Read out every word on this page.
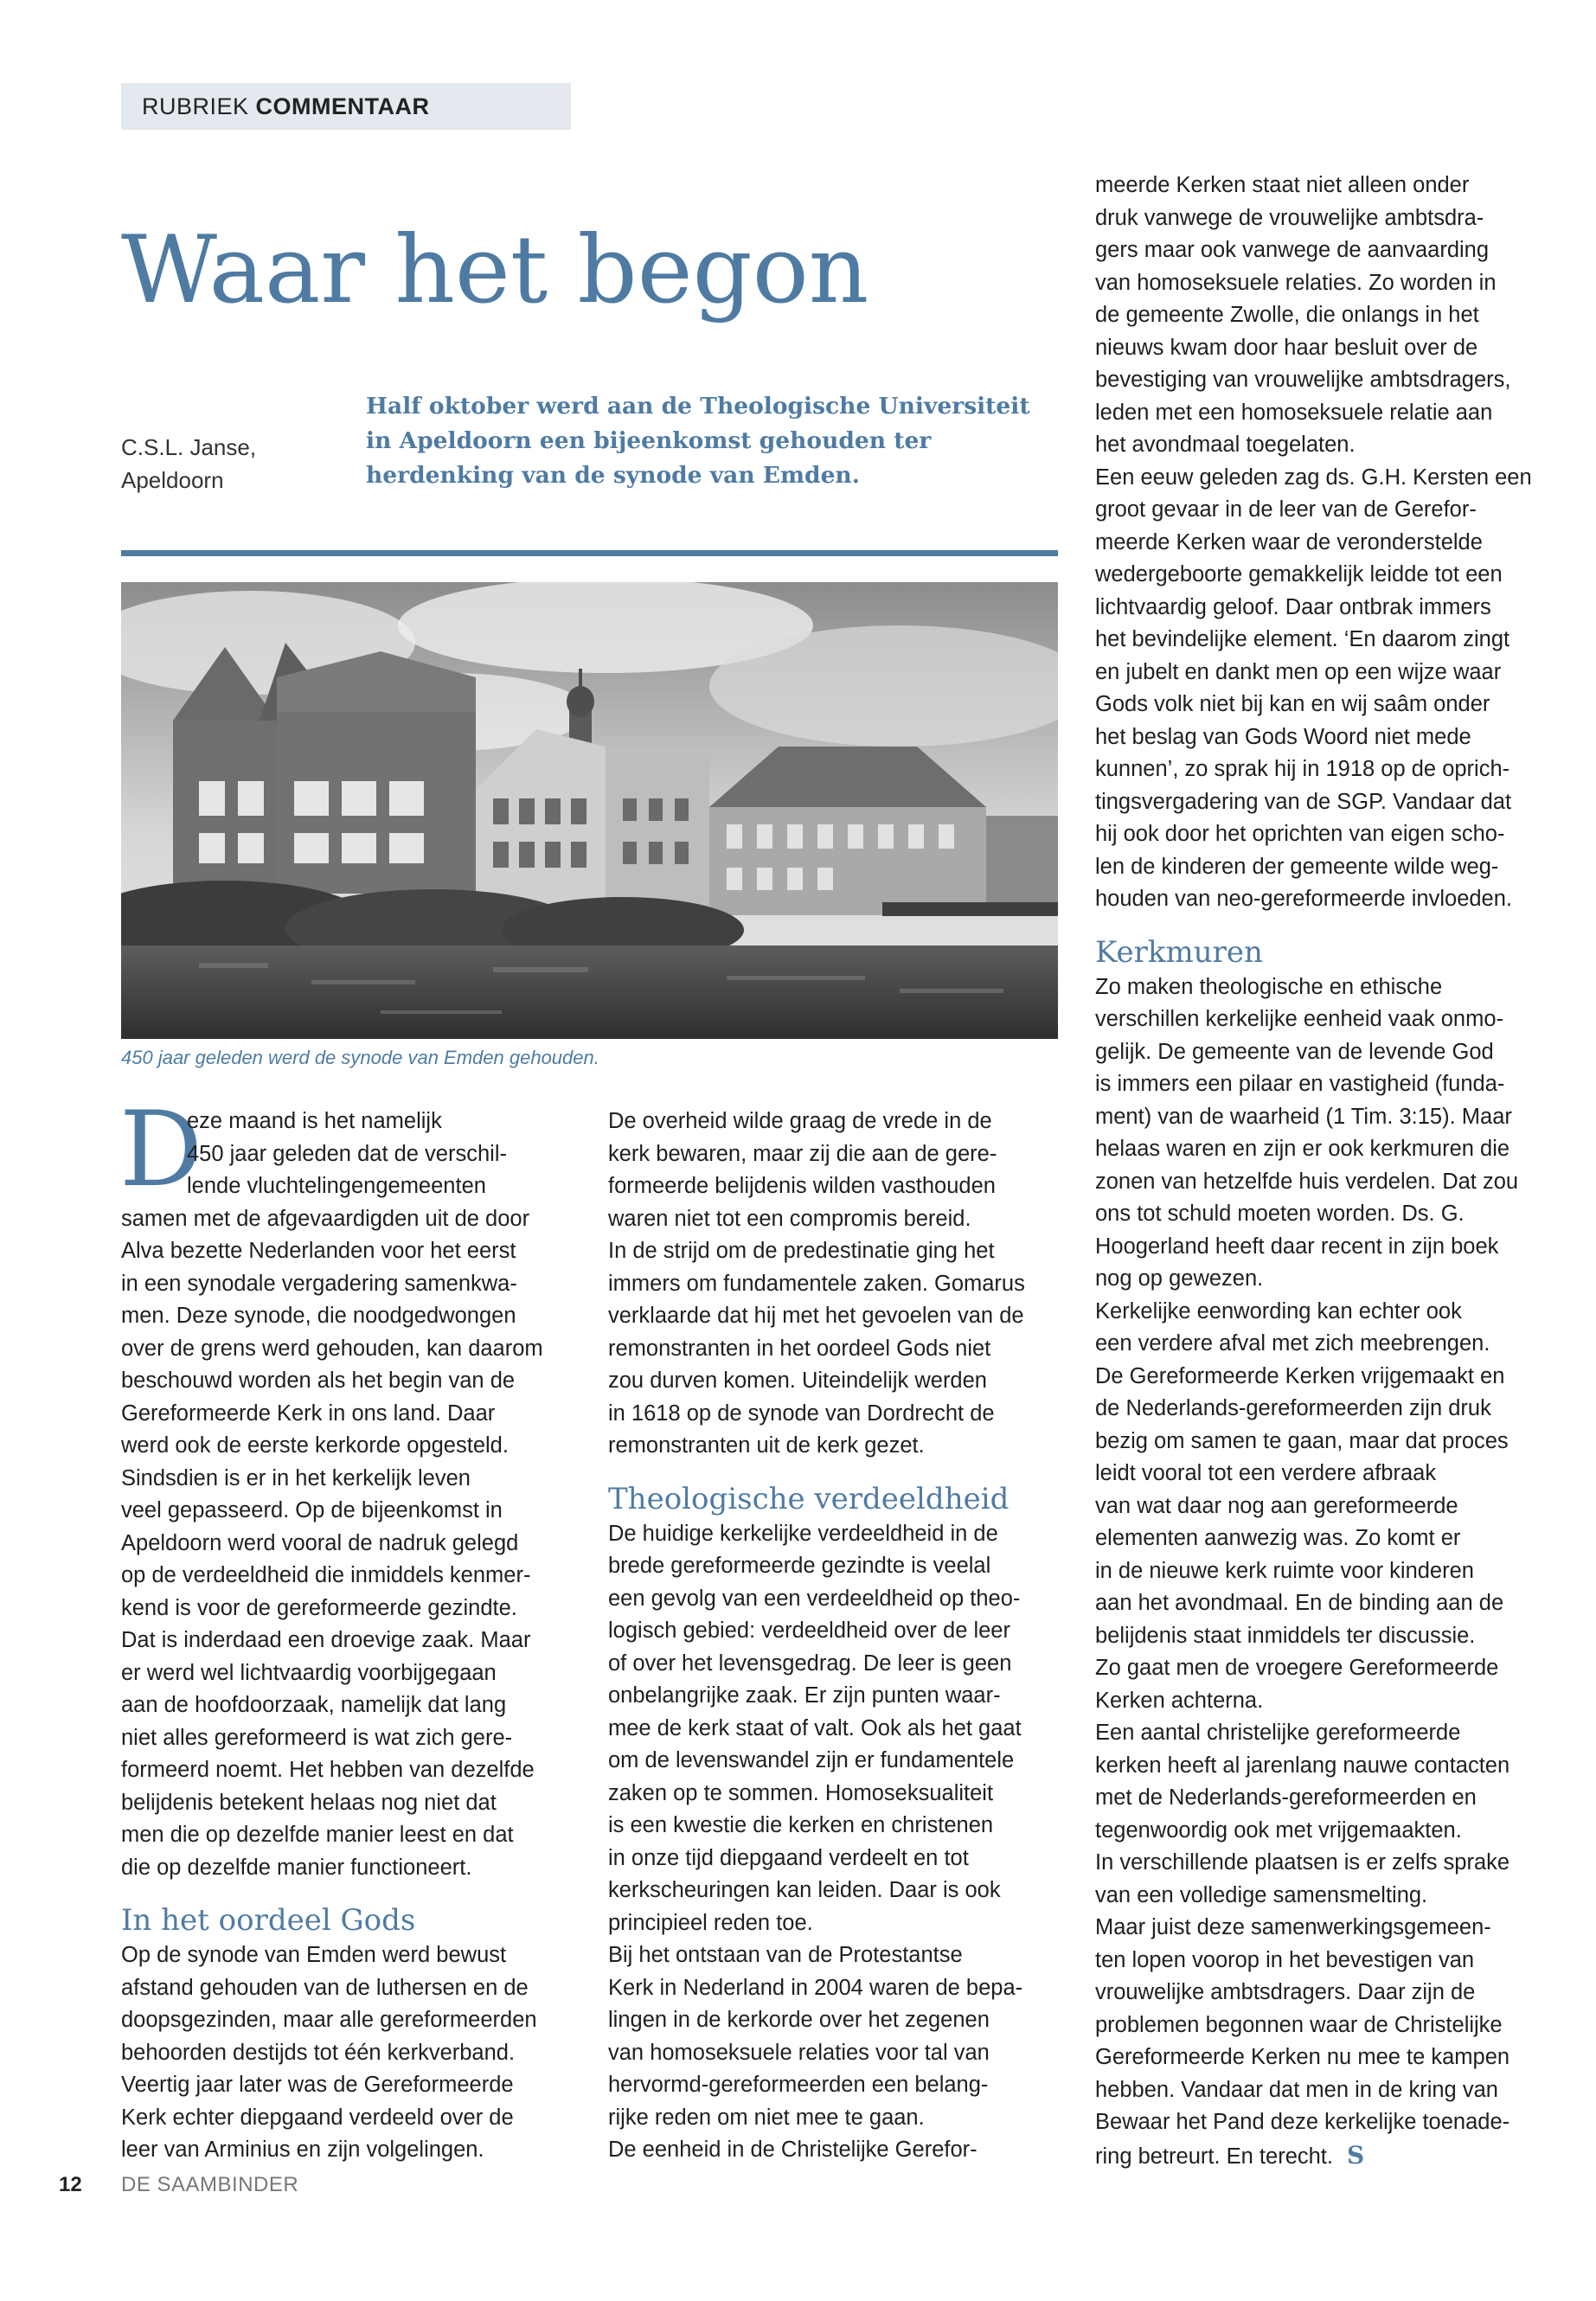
RUBRIEK COMMENTAAR
Waar het begon
C.S.L. Janse,
Apeldoorn
Half oktober werd aan de Theologische Universiteit
in Apeldoorn een bijeenkomst gehouden ter
herdenking van de synode van Emden.
450 jaar geleden werd de synode van Emden gehouden.
D
eze maand is het namelijk
450 jaar geleden dat de verschil-
lende vluchtelingengemeenten
samen met de afgevaardigden uit de door
Alva bezette Nederlanden voor het eerst
in een synodale vergadering samenkwa-
men. Deze synode, die noodgedwongen
over de grens werd gehouden, kan daarom
beschouwd worden als het begin van de
Gereformeerde Kerk in ons land. Daar
werd ook de eerste kerkorde opgesteld.
Sindsdien is er in het kerkelijk leven
veel gepasseerd. Op de bijeenkomst in
Apeldoorn werd vooral de nadruk gelegd
op de verdeeldheid die inmiddels kenmer-
kend is voor de gereformeerde gezindte.
Dat is inderdaad een droevige zaak. Maar
er werd wel lichtvaardig voorbijgegaan
aan de hoofdoorzaak, namelijk dat lang
niet alles gereformeerd is wat zich gere-
formeerd noemt. Het hebben van dezelfde
belijdenis betekent helaas nog niet dat
men die op dezelfde manier leest en dat
die op dezelfde manier functioneert.
In het oordeel Gods
Op de synode van Emden werd bewust
afstand gehouden van de luthersen en de
doopsgezinden, maar alle gereformeerden
behoorden destijds tot één kerkverband.
Veertig jaar later was de Gereformeerde
Kerk echter diepgaand verdeeld over de
leer van Arminius en zijn volgelingen.
De overheid wilde graag de vrede in de
kerk bewaren, maar zij die aan de gere-
formeerde belijdenis wilden vasthouden
waren niet tot een compromis bereid.
In de strijd om de predestinatie ging het
immers om fundamentele zaken. Gomarus
verklaarde dat hij met het gevoelen van de
remonstranten in het oordeel Gods niet
zou durven komen. Uiteindelijk werden
in 1618 op de synode van Dordrecht de
remonstranten uit de kerk gezet.
Theologische verdeeldheid
De huidige kerkelijke verdeeldheid in de
brede gereformeerde gezindte is veelal
een gevolg van een verdeeldheid op theo-
logisch gebied: verdeeldheid over de leer
of over het levensgedrag. De leer is geen
onbelangrijke zaak. Er zijn punten waar-
mee de kerk staat of valt. Ook als het gaat
om de levenswandel zijn er fundamentele
zaken op te sommen. Homoseksualiteit
is een kwestie die kerken en christenen
in onze tijd diepgaand verdeelt en tot
kerkscheuringen kan leiden. Daar is ook
principieel reden toe.
Bij het ontstaan van de Protestantse
Kerk in Nederland in 2004 waren de bepa-
lingen in de kerkorde over het zegenen
van homoseksuele relaties voor tal van
hervormd-gereformeerden een belang-
rijke reden om niet mee te gaan.
De eenheid in de Christelijke Gerefor-
meerde Kerken staat niet alleen onder
druk vanwege de vrouwelijke ambtsdra-
gers maar ook vanwege de aanvaarding
van homoseksuele relaties. Zo worden in
de gemeente Zwolle, die onlangs in het
nieuws kwam door haar besluit over de
bevestiging van vrouwelijke ambtsdragers,
leden met een homoseksuele relatie aan
het avondmaal toegelaten.
Een eeuw geleden zag ds. G.H. Kersten een
groot gevaar in de leer van de Gerefor-
meerde Kerken waar de veronderstelde
wedergeboorte gemakkelijk leidde tot een
lichtvaardig geloof. Daar ontbrak immers
het bevindelijke element. ‘En daarom zingt
en jubelt en dankt men op een wijze waar
Gods volk niet bij kan en wij saâm onder
het beslag van Gods Woord niet mede
kunnen’, zo sprak hij in 1918 op de oprich-
tingsvergadering van de SGP. Vandaar dat
hij ook door het oprichten van eigen scho-
len de kinderen der gemeente wilde weg-
houden van neo-gereformeerde invloeden.
Kerkmuren
Zo maken theologische en ethische
verschillen kerkelijke eenheid vaak onmo-
gelijk. De gemeente van de levende God
is immers een pilaar en vastigheid (funda-
ment) van de waarheid (1 Tim. 3:15). Maar
helaas waren en zijn er ook kerkmuren die
zonen van hetzelfde huis verdelen. Dat zou
ons tot schuld moeten worden. Ds. G.
Hoogerland heeft daar recent in zijn boek
nog op gewezen.
Kerkelijke eenwording kan echter ook
een verdere afval met zich meebrengen.
De Gereformeerde Kerken vrijgemaakt en
de Nederlands-gereformeerden zijn druk
bezig om samen te gaan, maar dat proces
leidt vooral tot een verdere afbraak
van wat daar nog aan gereformeerde
elementen aanwezig was. Zo komt er
in de nieuwe kerk ruimte voor kinderen
aan het avondmaal. En de binding aan de
belijdenis staat inmiddels ter discussie.
Zo gaat men de vroegere Gereformeerde
Kerken achterna.
Een aantal christelijke gereformeerde
kerken heeft al jarenlang nauwe contacten
met de Nederlands-gereformeerden en
tegenwoordig ook met vrijgemaakten.
In verschillende plaatsen is er zelfs sprake
van een volledige samensmelting.
Maar juist deze samenwerkingsgemeen-
ten lopen voorop in het bevestigen van
vrouwelijke ambtsdragers. Daar zijn de
problemen begonnen waar de Christelijke
Gereformeerde Kerken nu mee te kampen
hebben. Vandaar dat men in de kring van
Bewaar het Pand deze kerkelijke toenade-
ring betreurt. En terecht. S
12 DE SAAMBINDER
